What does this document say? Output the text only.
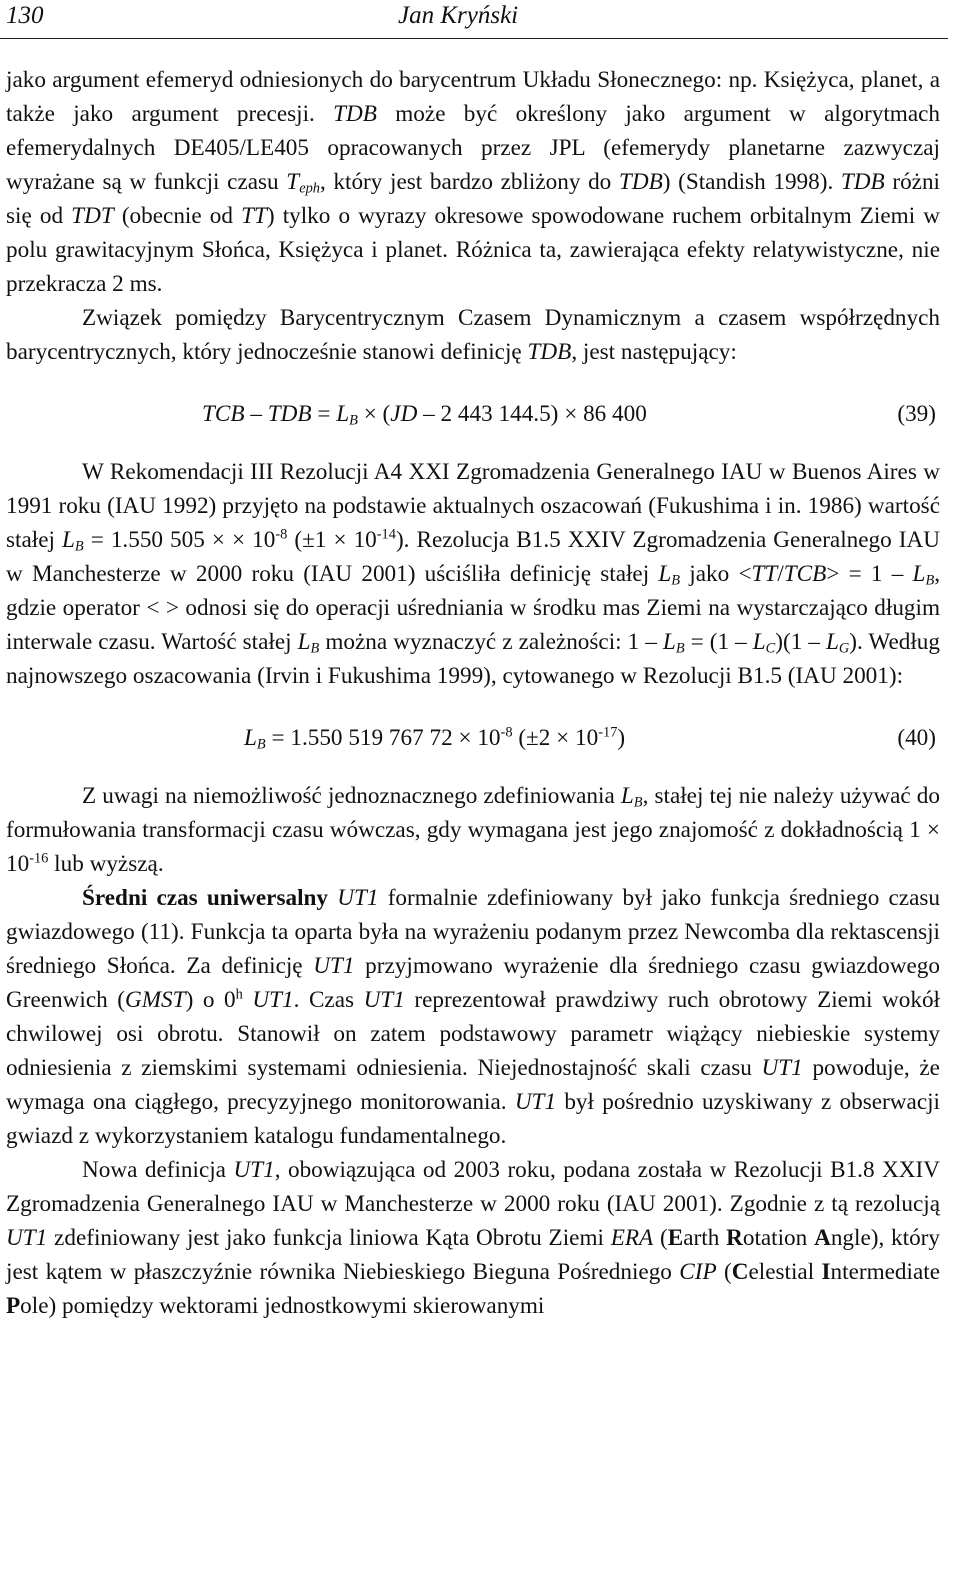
130	Jan Kryński

jako argument efemeryd odniesionych do barycentrum Układu Słonecznego: np. Księżyca, planet, a także jako argument precesji. TDB może być określony jako argument w algorytmach efemerydalnych DE405/LE405 opracowanych przez JPL (efemerydy planetarne zazwyczaj wyrażane są w funkcji czasu $T_{eph}$, który jest bardzo zbliżony do TDB) (Standish 1998). TDB różni się od TDT (obecnie od TT) tylko o wyrazy okresowe spowodowane ruchem orbitalnym Ziemi w polu grawitacyjnym Słońca, Księżyca i planet. Różnica ta, zawierająca efekty relatywistyczne, nie przekracza 2 ms.

Związek pomiędzy Barycentrycznym Czasem Dynamicznym a czasem współrzędnych barycentrycznych, który jednocześnie stanowi definicję TDB, jest następujący:

TCB – TDB = $L_B \times (JD - 2$ 443 144.5) × 86 400	(39)

W Rekomendacji III Rezolucji A4 XXI Zgromadzenia Generalnego IAU w Buenos Aires w 1991 roku (IAU 1992) przyjęto na podstawie aktualnych oszacowań (Fukushima i in. 1986) wartość stałej $L_B = 1.550$ 505 × × $10^{-8}$ $(\pm 1 \times 10^{-14})$. Rezolucja B1.5 XXIV Zgromadzenia Generalnego IAU w Manchesterze w 2000 roku (IAU 2001) uściśliła definicję stałej $L_B$ jako $<TT/TCB> = 1 - L_B$, gdzie operator < > odnosi się do operacji uśredniania w środku mas Ziemi na wystarczająco długim interwale czasu. Wartość stałej $L_B$ można wyznaczyć z zależności: $1 - L_B = (1 - L_C)(1 - L_G)$. Według najnowszego oszacowania (Irvin i Fukushima 1999), cytowanego w Rezolucji B1.5 (IAU 2001):

$L_B = 1.550$ 519 767 $72 \times 10^{-8}$ $(\pm 2 \times 10^{-17})$	(40)

Z uwagi na niemożliwość jednoznacznego zdefiniowania $L_B$, stałej tej nie należy używać do formułowania transformacji czasu wówczas, gdy wymagana jest jego znajomość z dokładnością $1 \times 10^{-16}$ lub wyższą.

Średni czas uniwersalny UT1 formalnie zdefiniowany był jako funkcja średniego czasu gwiazdowego (11). Funkcja ta oparta była na wyrażeniu podanym przez Newcomba dla rektascensji średniego Słońca. Za definicję UT1 przyjmowano wyrażenie dla średniego czasu gwiazdowego Greenwich (GMST) o 0$^h$ UT1. Czas UT1 reprezentował prawdziwy ruch obrotowy Ziemi wokół chwilowej osi obrotu. Stanowił on zatem podstawowy parametr wiążący niebieskie systemy odniesienia z ziemskimi systemami odniesienia. Niejednostajność skali czasu UT1 powoduje, że wymaga ona ciągłego, precyzyjnego monitorowania. UT1 był pośrednio uzyskiwany z obserwacji gwiazd z wykorzystaniem katalogu fundamentalnego.

Nowa definicja UT1, obowiązująca od 2003 roku, podana została w Rezolucji B1.8 XXIV Zgromadzenia Generalnego IAU w Manchesterze w 2000 roku (IAU 2001). Zgodnie z tą rezolucją UT1 zdefiniowany jest jako funkcja liniowa Kąta Obrotu Ziemi ERA (Earth Rotation Angle), który jest kątem w płaszczyźnie równika Niebieskiego Bieguna Pośredniego CIP (Celestial Intermediate Pole) pomiędzy wektorami jednostkowymi skierowanymi
